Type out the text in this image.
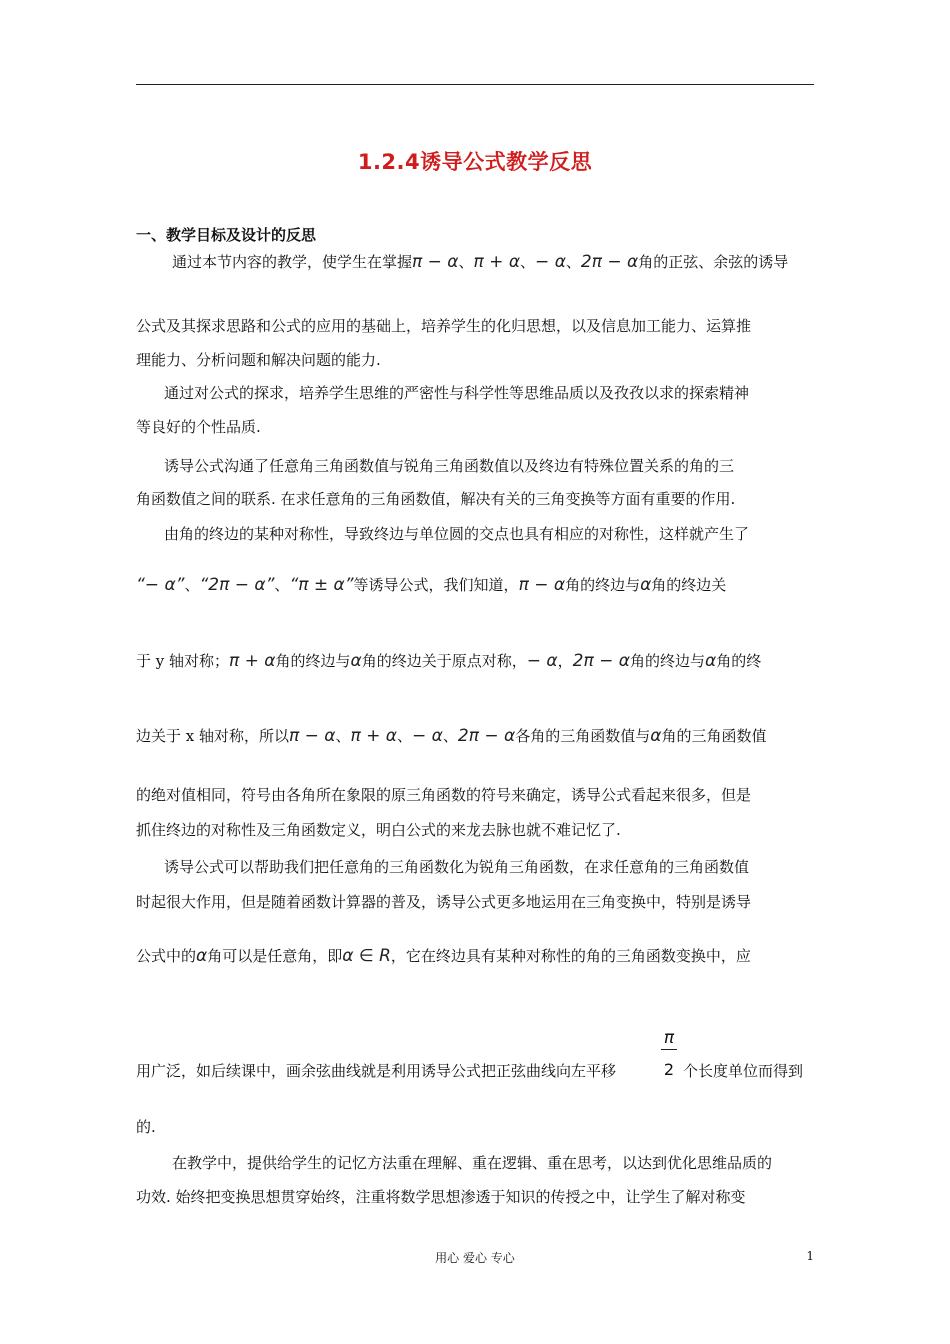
1.2.4诱导公式教学反思
一、教学目标及设计的反思
通过本节内容的教学，使学生在掌握π − α、π + α、− α、2π − α角的正弦、余弦的诱导
公式及其探求思路和公式的应用的基础上，培养学生的化归思想，以及信息加工能力、运算推
理能力、分析问题和解决问题的能力.
通过对公式的探求，培养学生思维的严密性与科学性等思维品质以及孜孜以求的探索精神
等良好的个性品质.
诱导公式沟通了任意角三角函数值与锐角三角函数值以及终边有特殊位置关系的角的三
角函数值之间的联系. 在求任意角的三角函数值，解决有关的三角变换等方面有重要的作用.
由角的终边的某种对称性，导致终边与单位圆的交点也具有相应的对称性，这样就产生了
“− α”、“2π − α”、“π ± α”等诱导公式，我们知道，π − α角的终边与α角的终边关
于 y 轴对称；π + α角的终边与α角的终边关于原点对称，− α，2π − α角的终边与α角的终
边关于 x 轴对称，所以π − α、π + α、− α、2π − α各角的三角函数值与α角的三角函数值
的绝对值相同，符号由各角所在象限的原三角函数的符号来确定，诱导公式看起来很多，但是
抓住终边的对称性及三角函数定义，明白公式的来龙去脉也就不难记忆了.
诱导公式可以帮助我们把任意角的三角函数化为锐角三角函数，在求任意角的三角函数值
时起很大作用，但是随着函数计算器的普及，诱导公式更多地运用在三角变换中，特别是诱导
公式中的α角可以是任意角，即α ∈ R，它在终边具有某种对称性的角的三角函数变换中，应
用广泛，如后续课中，画余弦曲线就是利用诱导公式把正弦曲线向左平移
π
2 个长度单位而得到
的.
在教学中，提供给学生的记忆方法重在理解、重在逻辑、重在思考，以达到优化思维品质的
功效. 始终把变换思想贯穿始终，注重将数学思想渗透于知识的传授之中，让学生了解对称变
用心 爱心 专心	1
